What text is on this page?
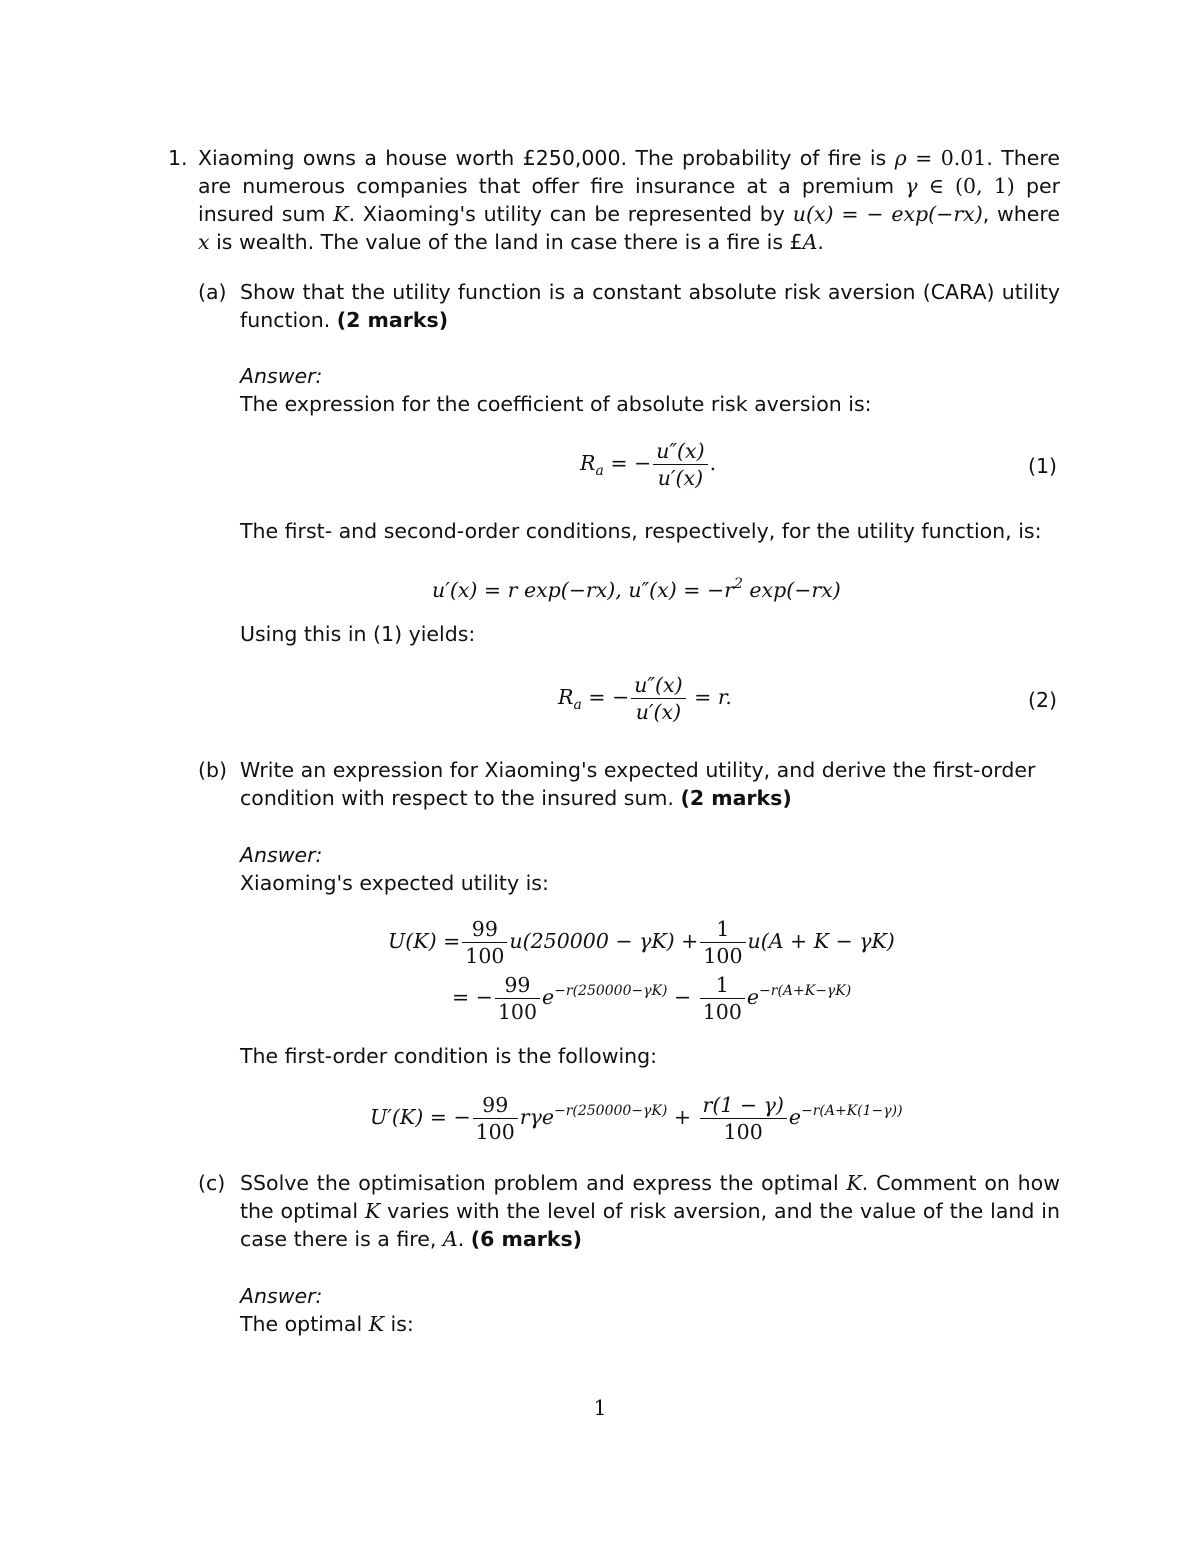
1. Xiaoming owns a house worth £250,000. The probability of fire is ρ = 0.01. There are numerous companies that offer fire insurance at a premium γ ∈ (0, 1) per insured sum K. Xiaoming's utility can be represented by u(x) = − exp(−rx), where x is wealth. The value of the land in case there is a fire is £A.
(a) Show that the utility function is a constant absolute risk aversion (CARA) utility function. (2 marks)
Answer:
The expression for the coefficient of absolute risk aversion is:
$R_a$ = − $\frac{u''(x)}{u'(x)}$ .	(1)
The first- and second-order conditions, respectively, for the utility function, is:
u′(x) = r exp(−rx), $u''(x) = -r^2$ exp(−rx)
Using this in (1) yields:
$R_a$ = − $\frac{u''(x)}{u'(x)} = r$.	(2)
(b) Write an expression for Xiaoming's expected utility, and derive the first-order condition with respect to the insured sum. (2 marks)
Answer:
Xiaoming's expected utility is:
$U(K) = \frac{99}{100} u(250000 - \gamma K) + \frac{1}{100} u(A + K - \gamma K)$
= − $\frac{99}{100} e^{-r(250000-\gamma K)} - \frac{1}{100} e^{-r(A+K-\gamma K)}$
The first-order condition is the following:
U′(K) = − $\frac{99}{100} r\gamma e^{-r(250000-\gamma K)} + \frac{r(1 - \gamma)}{100} e^{-r(A+K(1-\gamma))}$
(c) SSolve the optimisation problem and express the optimal K. Comment on how the optimal K varies with the level of risk aversion, and the value of the land in case there is a fire, A. (6 marks)
Answer:
The optimal K is:
1
